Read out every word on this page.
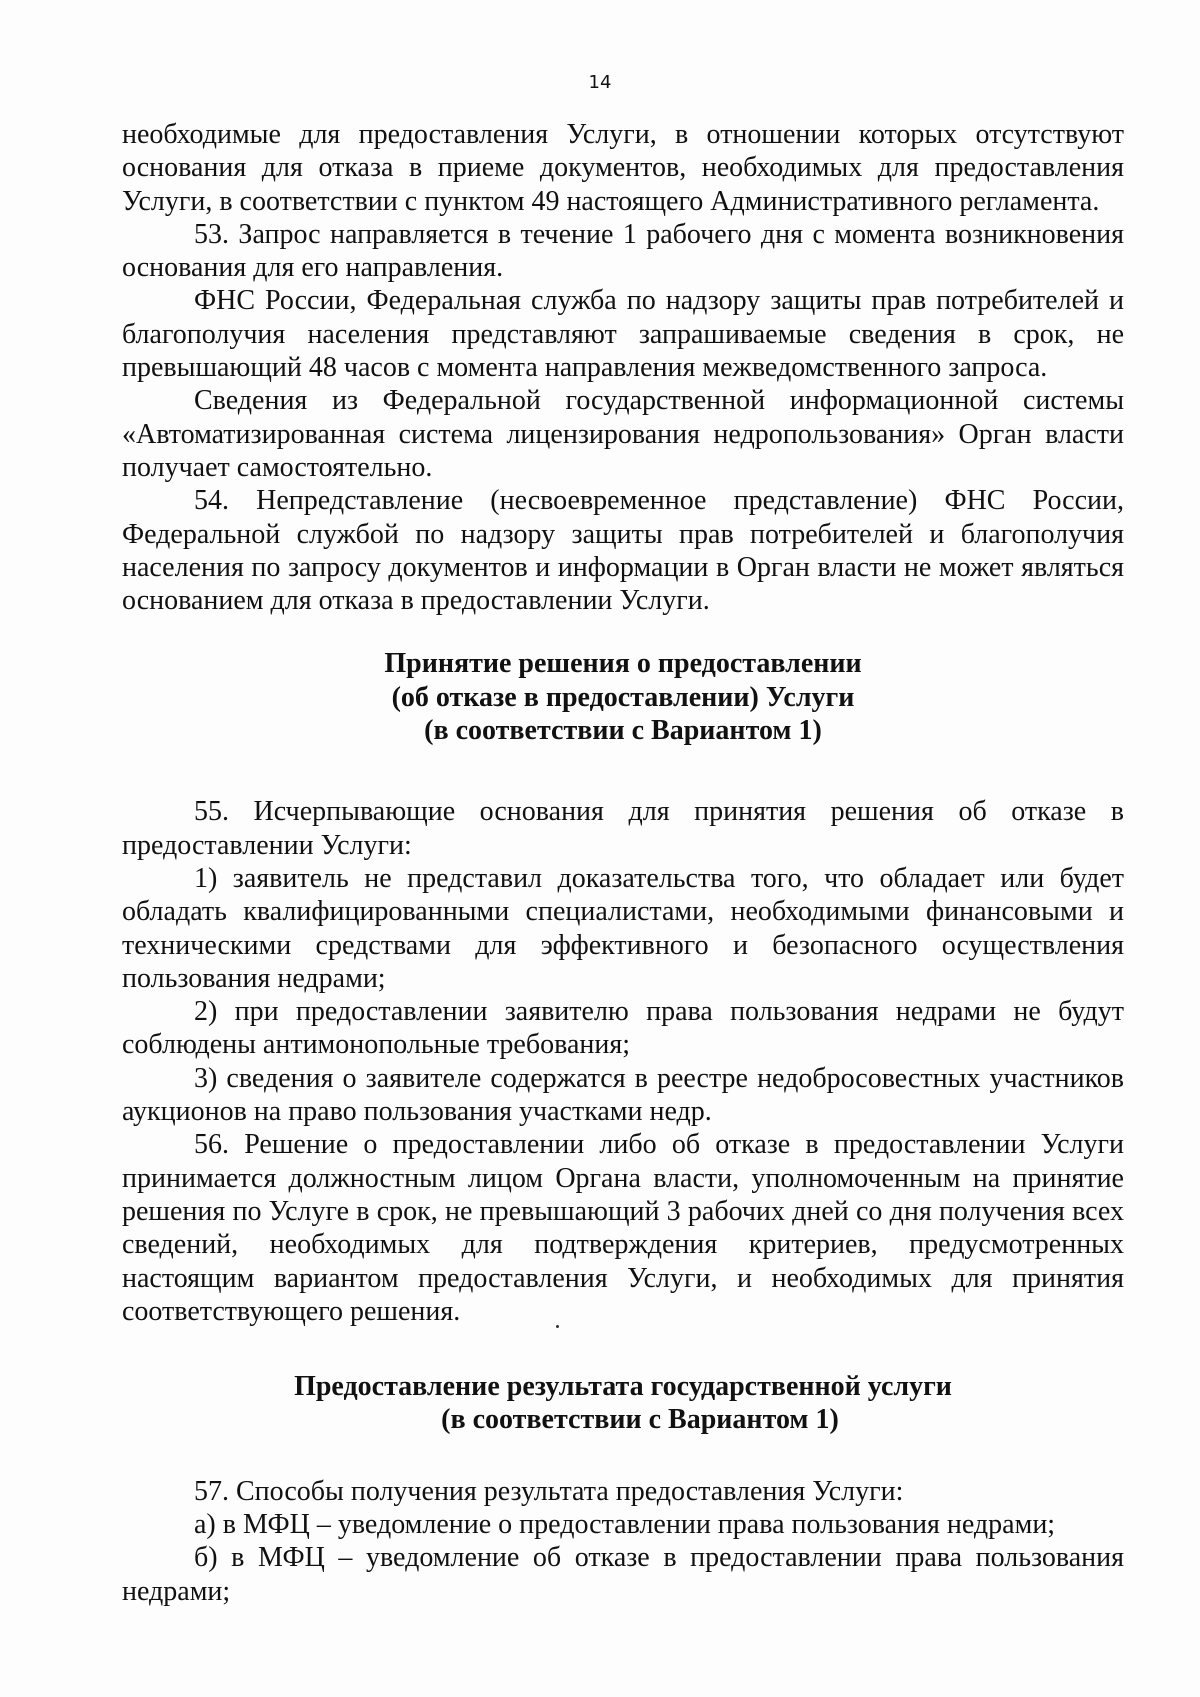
14

необходимые для предоставления Услуги, в отношении которых отсутствуют основания для отказа в приеме документов, необходимых для предоставления Услуги, в соответствии с пунктом 49 настоящего Административного регламента.

53. Запрос направляется в течение 1 рабочего дня с момента возникновения основания для его направления.

ФНС России, Федеральная служба по надзору защиты прав потребителей и благополучия населения представляют запрашиваемые сведения в срок, не превышающий 48 часов с момента направления межведомственного запроса.

Сведения из Федеральной государственной информационной системы «Автоматизированная система лицензирования недропользования» Орган власти получает самостоятельно.

54. Непредставление (несвоевременное представление) ФНС России, Федеральной службой по надзору защиты прав потребителей и благополучия населения по запросу документов и информации в Орган власти не может являться основанием для отказа в предоставлении Услуги.

Принятие решения о предоставлении
(об отказе в предоставлении) Услуги
(в соответствии с Вариантом 1)

55. Исчерпывающие основания для принятия решения об отказе в предоставлении Услуги:

1) заявитель не представил доказательства того, что обладает или будет обладать квалифицированными специалистами, необходимыми финансовыми и техническими средствами для эффективного и безопасного осуществления пользования недрами;

2) при предоставлении заявителю права пользования недрами не будут соблюдены антимонопольные требования;

3) сведения о заявителе содержатся в реестре недобросовестных участников аукционов на право пользования участками недр.

56. Решение о предоставлении либо об отказе в предоставлении Услуги принимается должностным лицом Органа власти, уполномоченным на принятие решения по Услуге в срок, не превышающий 3 рабочих дней со дня получения всех сведений, необходимых для подтверждения критериев, предусмотренных настоящим вариантом предоставления Услуги, и необходимых для принятия соответствующего решения.

Предоставление результата государственной услуги
(в соответствии с Вариантом 1)

57. Способы получения результата предоставления Услуги:

а) в МФЦ – уведомление о предоставлении права пользования недрами;

б) в МФЦ – уведомление об отказе в предоставлении права пользования недрами;
